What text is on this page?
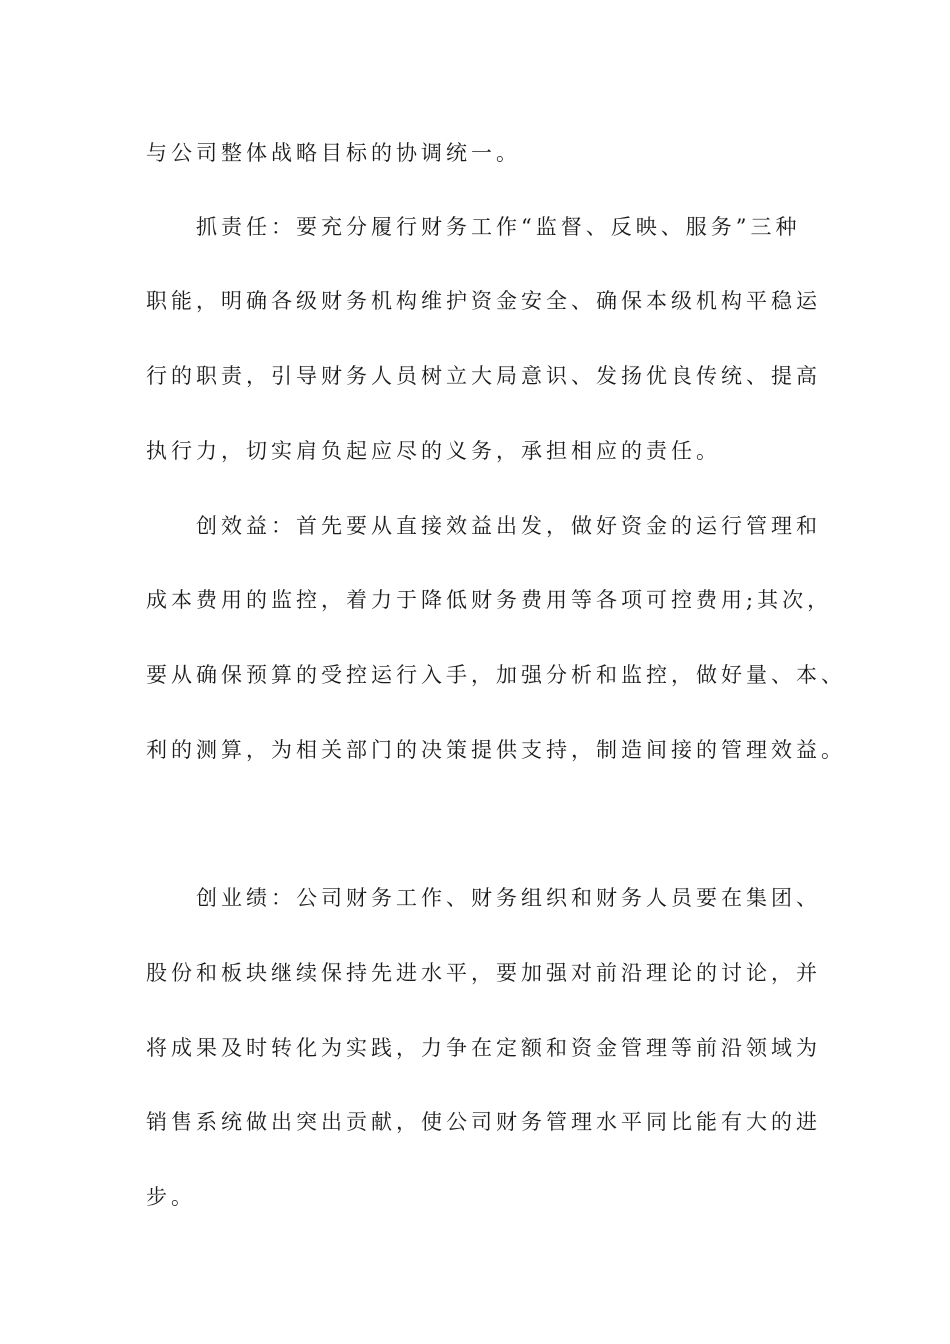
与公司整体战略目标的协调统一。
抓责任：要充分履行财务工作“监督、反映、服务”三种
职能，明确各级财务机构维护资金安全、确保本级机构平稳运
行的职责，引导财务人员树立大局意识、发扬优良传统、提高
执行力，切实肩负起应尽的义务，承担相应的责任。
创效益：首先要从直接效益出发，做好资金的运行管理和
成本费用的监控，着力于降低财务费用等各项可控费用;其次，
要从确保预算的受控运行入手，加强分析和监控，做好量、本、
利的测算，为相关部门的决策提供支持，制造间接的管理效益。
创业绩：公司财务工作、财务组织和财务人员要在集团、
股份和板块继续保持先进水平，要加强对前沿理论的讨论，并
将成果及时转化为实践，力争在定额和资金管理等前沿领域为
销售系统做出突出贡献，使公司财务管理水平同比能有大的进
步。
